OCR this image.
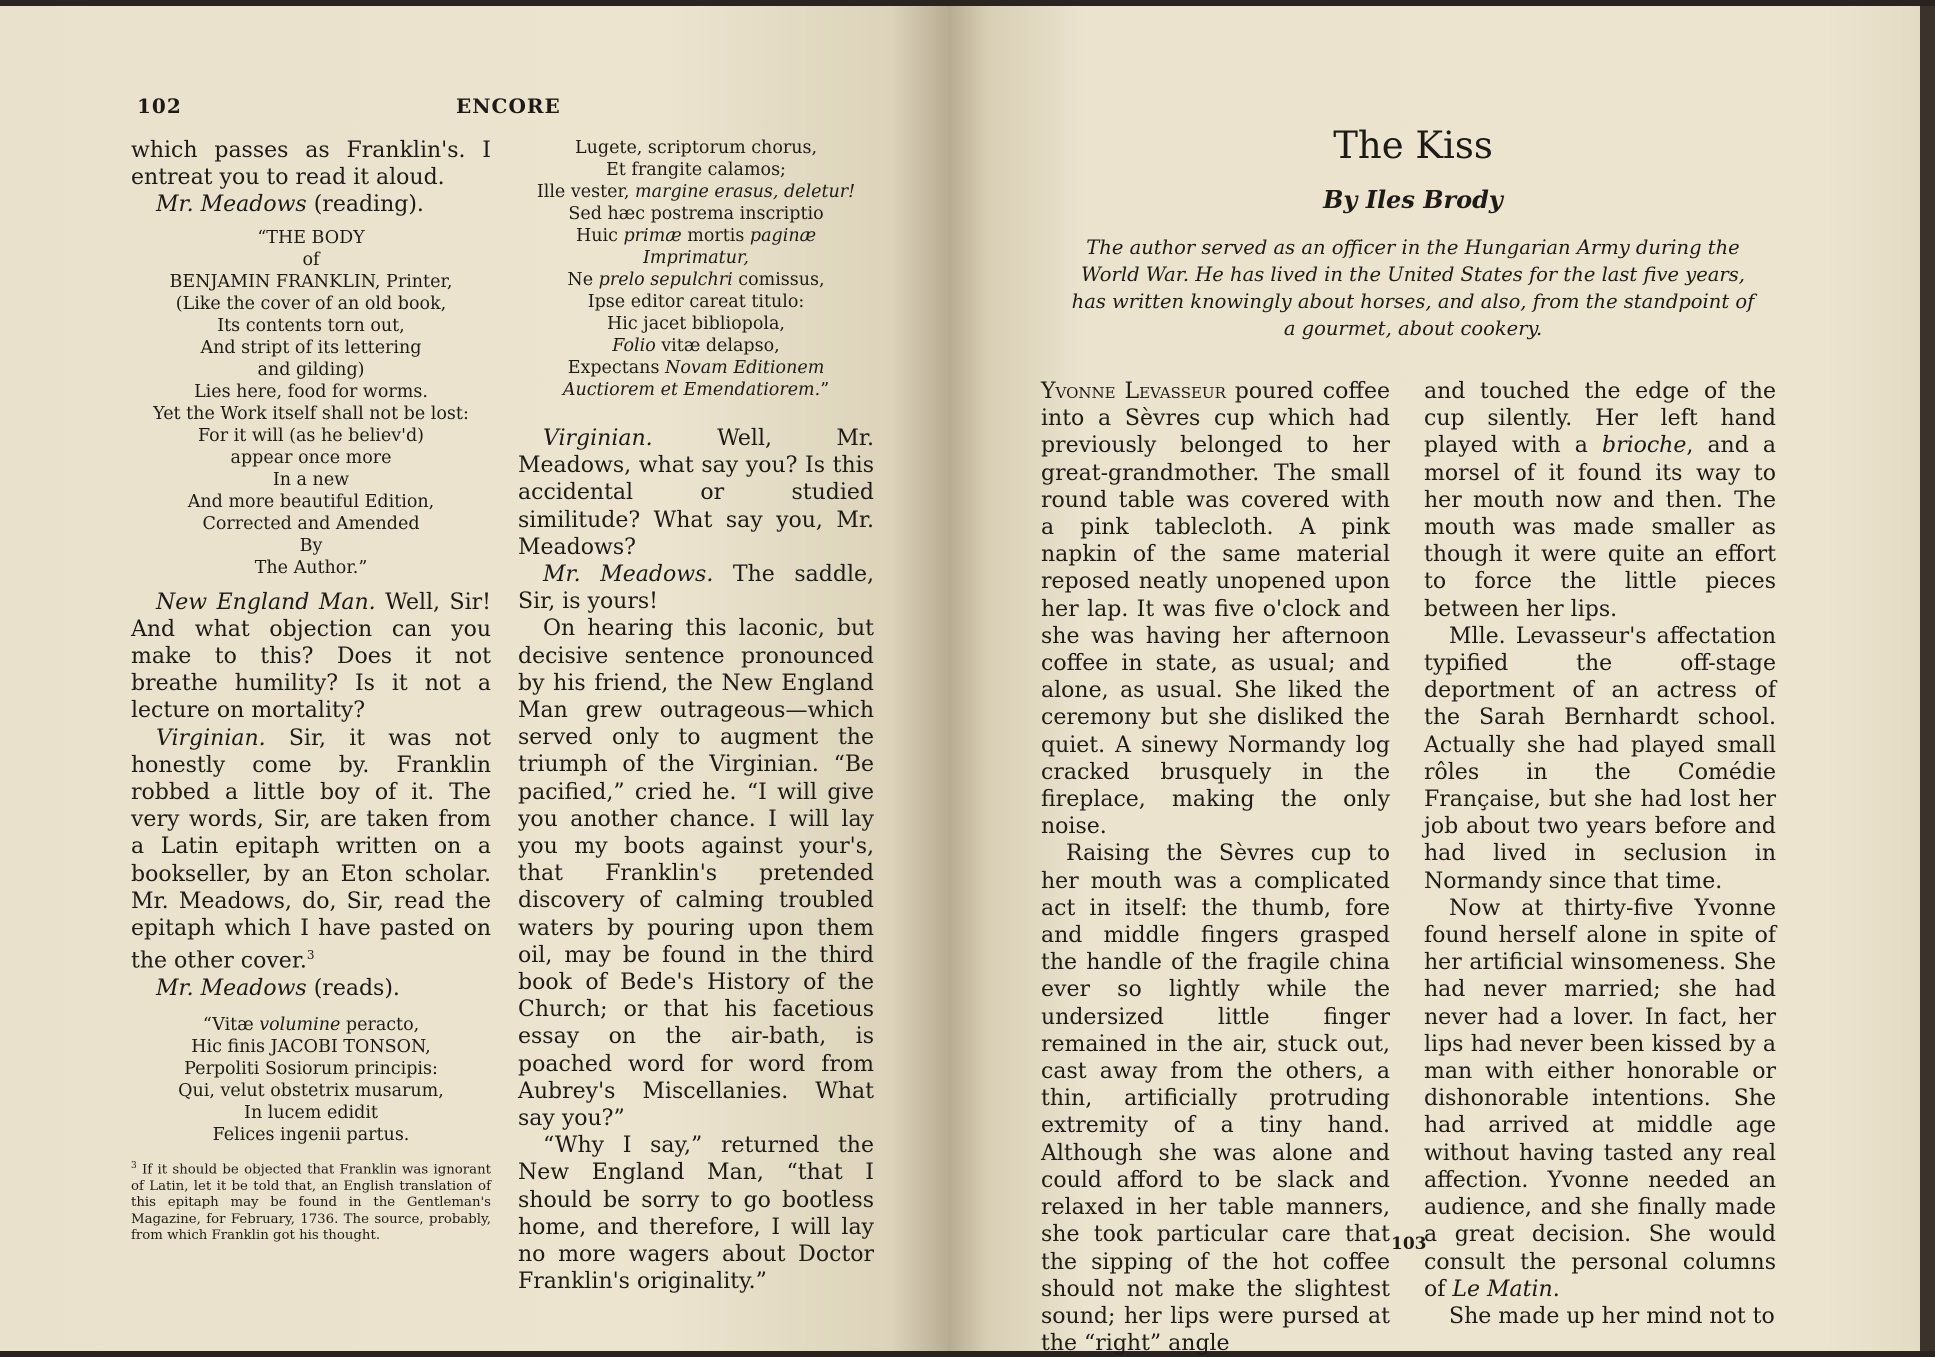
102	ENCORE

which passes as Franklin's. I entreat you to read it aloud.

Mr. Meadows (reading).

“THE BODY
of
BENJAMIN FRANKLIN, Printer,
(Like the cover of an old book,
Its contents torn out,
And stript of its lettering
and gilding)
Lies here, food for worms.
Yet the Work itself shall not be lost:
For it will (as he believ'd)
appear once more
In a new
And more beautiful Edition,
Corrected and Amended
By
The Author.”

New England Man. Well, Sir! And what objection can you make to this? Does it not breathe humility? Is it not a lecture on mortality?

Virginian. Sir, it was not honestly come by. Franklin robbed a little boy of it. The very words, Sir, are taken from a Latin epitaph written on a bookseller, by an Eton scholar. Mr. Meadows, do, Sir, read the epitaph which I have pasted on the other cover.$^3$

Mr. Meadows (reads).

“Vitæ volumine peracto,
Hic finis JACOBI TONSON,
Perpoliti Sosiorum principis:
Qui, velut obstetrix musarum,
In lucem edidit
Felices ingenii partus.
$^3$ If it should be objected that Franklin was ignorant of Latin, let it be told that, an English translation of this epitaph may be found in the Gentleman's Magazine, for February, 1736. The source, probably, from which Franklin got his thought.
Lugete, scriptorum chorus,
Et frangite calamos;
Ille vester, margine erasus, deletur!
Sed hæc postrema inscriptio
Huic primæ mortis paginæ
Imprimatur,
Ne prelo sepulchri comissus,
Ipse editor careat titulo:
Hic jacet bibliopola,
Folio vitæ delapso,
Expectans Novam Editionem
Auctiorem et Emendatiorem.”

Virginian. Well, Mr. Meadows, what say you? Is this accidental or studied similitude? What say you, Mr. Meadows?

Mr. Meadows. The saddle, Sir, is yours!

On hearing this laconic, but decisive sentence pronounced by his friend, the New England Man grew outrageous—which served only to augment the triumph of the Virginian. “Be pacified,” cried he. “I will give you another chance. I will lay you my boots against your's, that Franklin's pretended discovery of calming troubled waters by pouring upon them oil, may be found in the third book of Bede's History of the Church; or that his facetious essay on the air-bath, is poached word for word from Aubrey's Miscellanies. What say you?”

“Why I say,” returned the New England Man, “that I should be sorry to go bootless home, and therefore, I will lay no more wagers about Doctor Franklin's originality.”

The Kiss
By Iles Brody
The author served as an officer in the Hungarian Army during the World War. He has lived in the United States for the last five years, has written knowingly about horses, and also, from the standpoint of a gourmet, about cookery.

Yvonne Levasseur poured coffee into a Sèvres cup which had previously belonged to her great-grandmother. The small round table was covered with a pink tablecloth. A pink napkin of the same material reposed neatly unopened upon her lap. It was five o'clock and she was having her afternoon coffee in state, as usual; and alone, as usual. She liked the ceremony but she disliked the quiet. A sinewy Normandy log cracked brusquely in the fireplace, making the only noise.

Raising the Sèvres cup to her mouth was a complicated act in itself: the thumb, fore and middle fingers grasped the handle of the fragile china ever so lightly while the undersized little finger remained in the air, stuck out, cast away from the others, a thin, artificially protruding extremity of a tiny hand. Although she was alone and could afford to be slack and relaxed in her table manners, she took particular care that the sipping of the hot coffee should not make the slightest sound; her lips were pursed at the “right” angle

and touched the edge of the cup silently. Her left hand played with a brioche, and a morsel of it found its way to her mouth now and then. The mouth was made smaller as though it were quite an effort to force the little pieces between her lips.

Mlle. Levasseur's affectation typified the off-stage deportment of an actress of the Sarah Bernhardt school. Actually she had played small rôles in the Comédie Française, but she had lost her job about two years before and had lived in seclusion in Normandy since that time.

Now at thirty-five Yvonne found herself alone in spite of her artificial winsomeness. She had never married; she had never had a lover. In fact, her lips had never been kissed by a man with either honorable or dishonorable intentions. She had arrived at middle age without having tasted any real affection. Yvonne needed an audience, and she finally made a great decision. She would consult the personal columns of Le Matin.

She made up her mind not to

103
